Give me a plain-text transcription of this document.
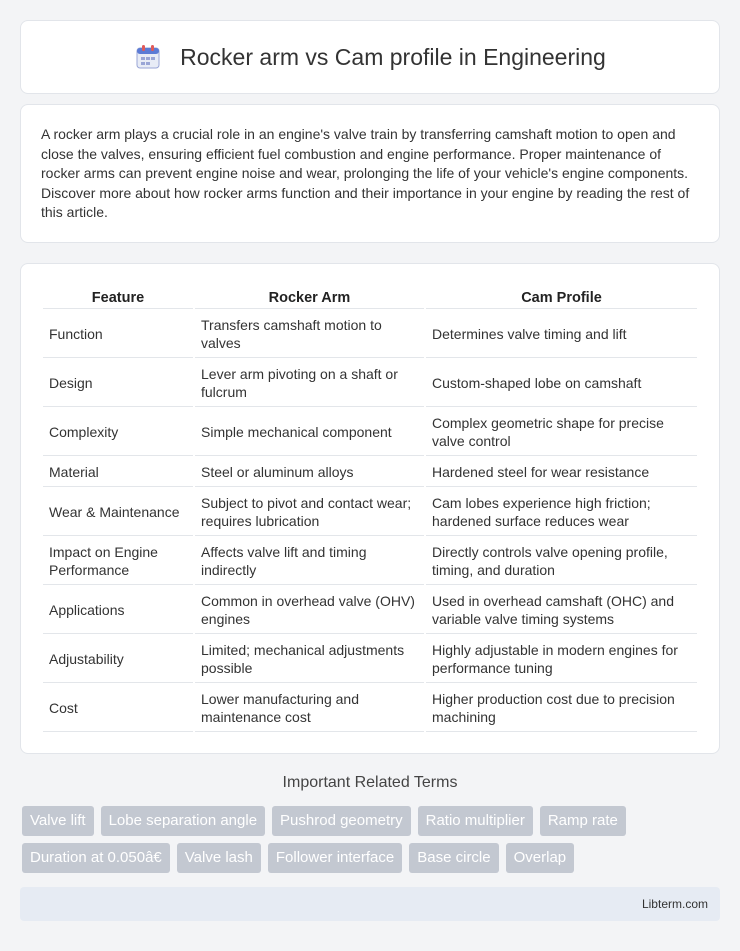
Rocker arm vs Cam profile in Engineering

A rocker arm plays a crucial role in an engine's valve train by transferring camshaft motion to open and close the valves, ensuring efficient fuel combustion and engine performance. Proper maintenance of rocker arms can prevent engine noise and wear, prolonging the life of your vehicle's engine components. Discover more about how rocker arms function and their importance in your engine by reading the rest of this article.

Feature	Rocker Arm	Cam Profile
Function	Transfers camshaft motion to valves	Determines valve timing and lift
Design	Lever arm pivoting on a shaft or fulcrum	Custom-shaped lobe on camshaft
Complexity	Simple mechanical component	Complex geometric shape for precise valve control
Material	Steel or aluminum alloys	Hardened steel for wear resistance
Wear & Maintenance	Subject to pivot and contact wear; requires lubrication	Cam lobes experience high friction; hardened surface reduces wear
Impact on Engine Performance	Affects valve lift and timing indirectly	Directly controls valve opening profile, timing, and duration
Applications	Common in overhead valve (OHV) engines	Used in overhead camshaft (OHC) and variable valve timing systems
Adjustability	Limited; mechanical adjustments possible	Highly adjustable in modern engines for performance tuning
Cost	Lower manufacturing and maintenance cost	Higher production cost due to precision machining
Important Related Terms
Valve lift	Lobe separation angle	Pushrod geometry	Ratio multiplier	Ramp rate
Duration at 0.050â€	Valve lash	Follower interface	Base circle	Overlap
Libterm.com
